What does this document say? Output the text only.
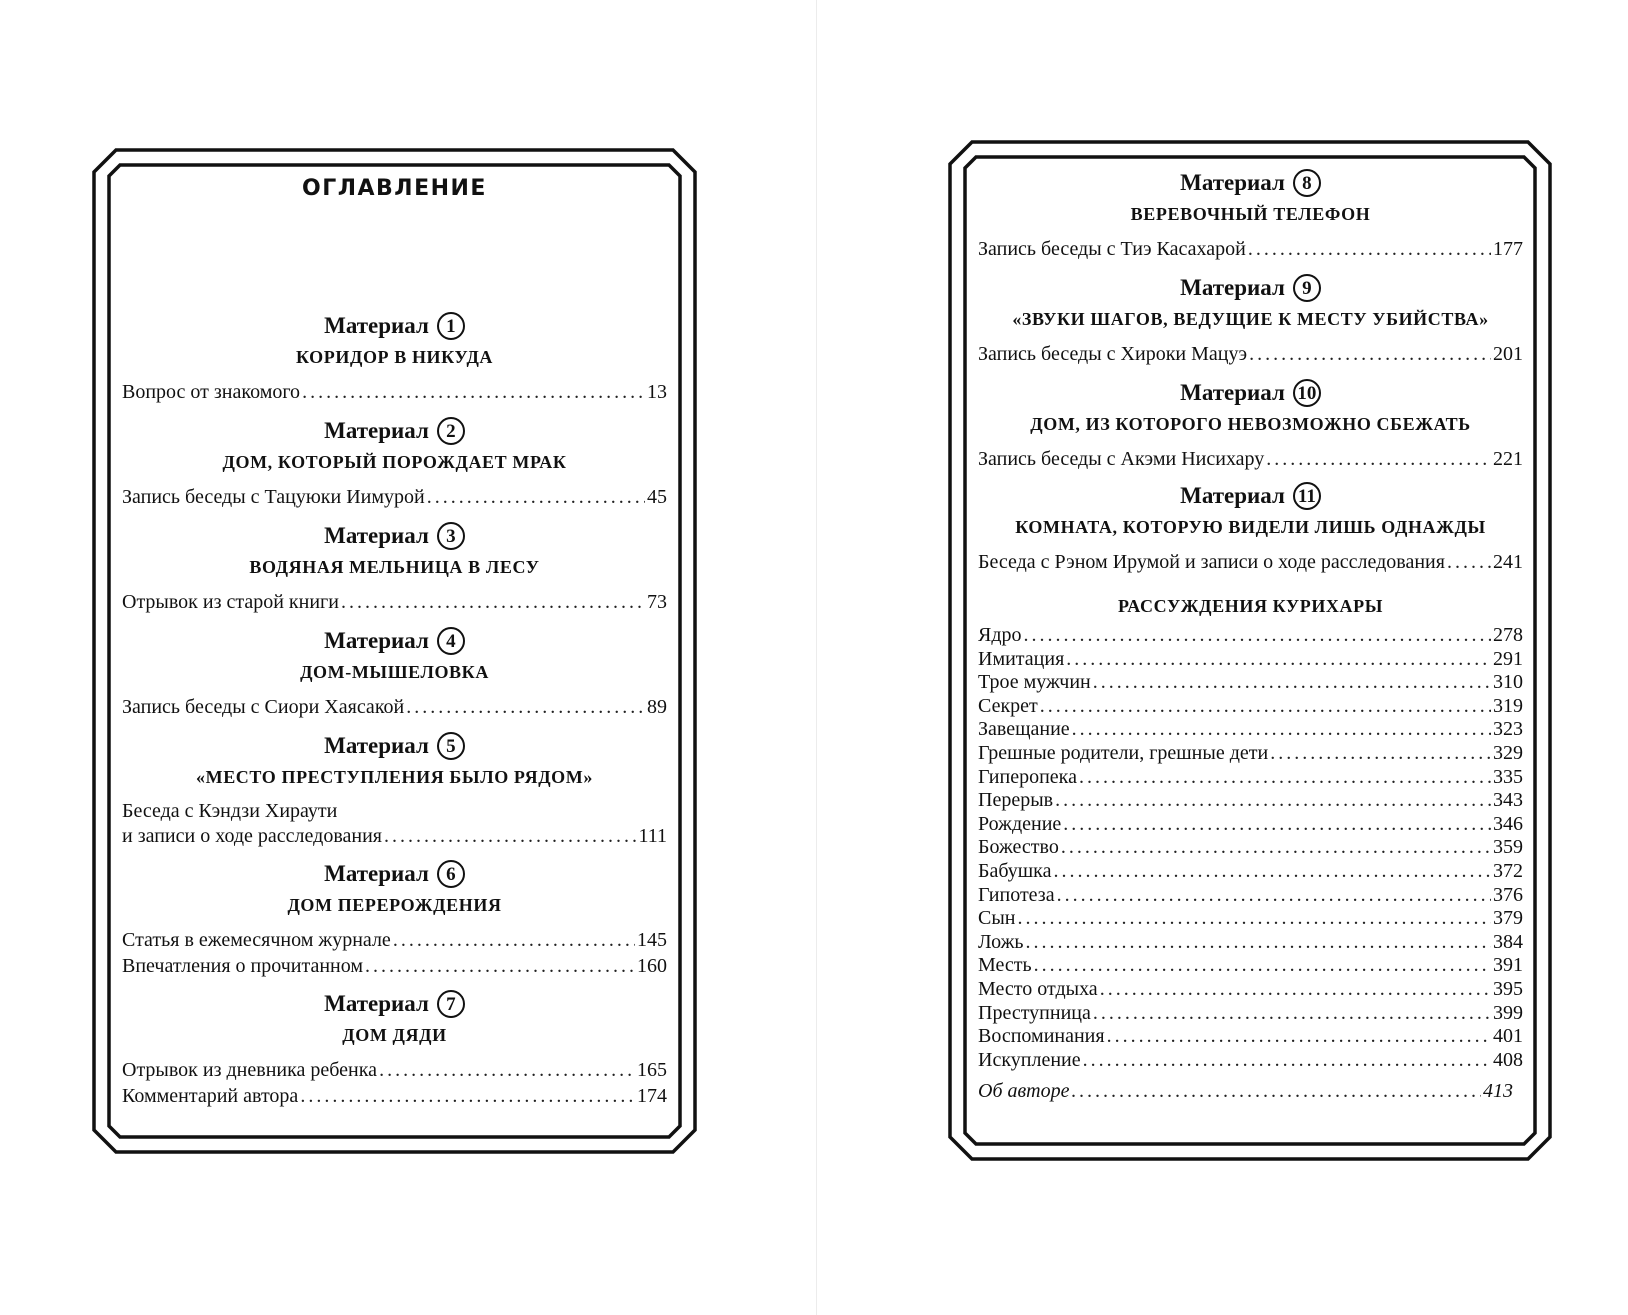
ОГЛАВЛЕНИЕ
Материал 1
КОРИДОР В НИКУДА
Вопрос от знакомого . . .	13
Материал 2
ДОМ, КОТОРЫЙ ПОРОЖДАЕТ МРАК
Запись беседы с Тацуюки Иимурой . . .	45
Материал 3
ВОДЯНАЯ МЕЛЬНИЦА В ЛЕСУ
Отрывок из старой книги . . .	73
Материал 4
ДОМ-МЫШЕЛОВКА
Запись беседы с Сиори Хаясакой . . .	89
Материал 5
«МЕСТО ПРЕСТУПЛЕНИЯ БЫЛО РЯДОМ»
Беседа с Кэндзи Хираути
и записи о ходе расследования . . .	111
Материал 6
ДОМ ПЕРЕРОЖДЕНИЯ
Статья в ежемесячном журнале . . .	145
Впечатления о прочитанном . . .	160
Материал 7
ДОМ ДЯДИ
Отрывок из дневника ребенка . . .	165
Комментарий автора . . .	174
Материал 8
ВЕРЕВОЧНЫЙ ТЕЛЕФОН
Запись беседы с Тиэ Касахарой . . .	177
Материал 9
«ЗВУКИ ШАГОВ, ВЕДУЩИЕ К МЕСТУ УБИЙСТВА»
Запись беседы с Хироки Мацуэ . . .	201
Материал 10
ДОМ, ИЗ КОТОРОГО НЕВОЗМОЖНО СБЕЖАТЬ
Запись беседы с Акэми Нисихару . . .	221
Материал 11
КОМНАТА, КОТОРУЮ ВИДЕЛИ ЛИШЬ ОДНАЖДЫ
Беседа с Рэном Ирумой и записи о ходе расследования . . . 241
РАССУЖДЕНИЯ КУРИХАРЫ
Ядро . . .	278
Имитация . . .	291
Трое мужчин . . .	310
Секрет . . .	319
Завещание . . .	323
Грешные родители, грешные дети . . .	329
Гиперопека . . .	335
Перерыв . . .	343
Рождение . . .	346
Божество . . .	359
Бабушка . . .	372
Гипотеза . . .	376
Сын . . .	379
Ложь . . .	384
Месть . . .	391
Место отдыха . . .	395
Преступница . . .	399
Воспоминания . . .	401
Искупление . . .	408
Об авторе . . .	413
